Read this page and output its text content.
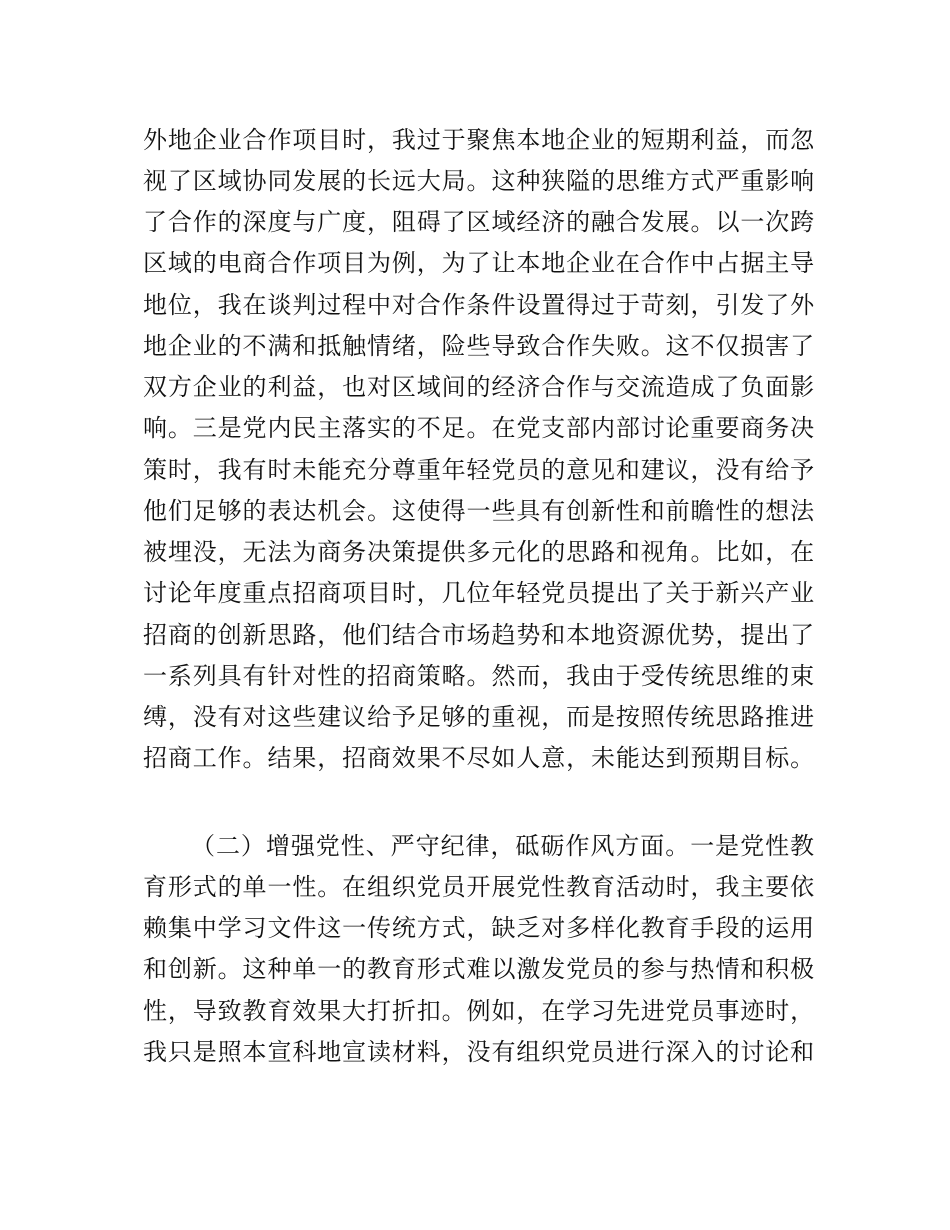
外地企业合作项目时，我过于聚焦本地企业的短期利益，而忽
视了区域协同发展的长远大局。这种狭隘的思维方式严重影响
了合作的深度与广度，阻碍了区域经济的融合发展。以一次跨
区域的电商合作项目为例，为了让本地企业在合作中占据主导
地位，我在谈判过程中对合作条件设置得过于苛刻，引发了外
地企业的不满和抵触情绪，险些导致合作失败。这不仅损害了
双方企业的利益，也对区域间的经济合作与交流造成了负面影
响。三是党内民主落实的不足。在党支部内部讨论重要商务决
策时，我有时未能充分尊重年轻党员的意见和建议，没有给予
他们足够的表达机会。这使得一些具有创新性和前瞻性的想法
被埋没，无法为商务决策提供多元化的思路和视角。比如，在
讨论年度重点招商项目时，几位年轻党员提出了关于新兴产业
招商的创新思路，他们结合市场趋势和本地资源优势，提出了
一系列具有针对性的招商策略。然而，我由于受传统思维的束
缚，没有对这些建议给予足够的重视，而是按照传统思路推进
招商工作。结果，招商效果不尽如人意，未能达到预期目标。
（二）增强党性、严守纪律，砥砺作风方面。一是党性教
育形式的单一性。在组织党员开展党性教育活动时，我主要依
赖集中学习文件这一传统方式，缺乏对多样化教育手段的运用
和创新。这种单一的教育形式难以激发党员的参与热情和积极
性，导致教育效果大打折扣。例如，在学习先进党员事迹时，
我只是照本宣科地宣读材料，没有组织党员进行深入的讨论和
